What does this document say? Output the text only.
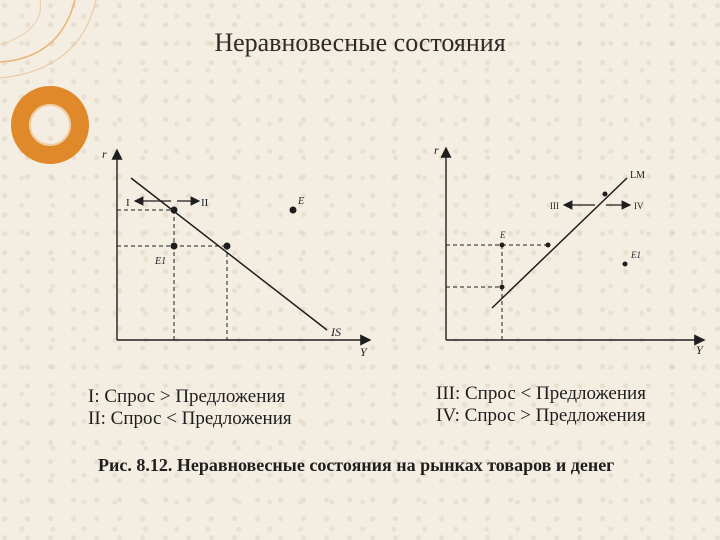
Неравновесные состояния
r
Y
IS
I	II
E1
E
r
Y
LM
III	IV
E
E1
I: Спрос > Предложения
II: Спрос < Предложения
III: Спрос < Предложения
IV: Спрос > Предложения
Рис. 8.12. Неравновесные состояния на рынках товаров и денег
